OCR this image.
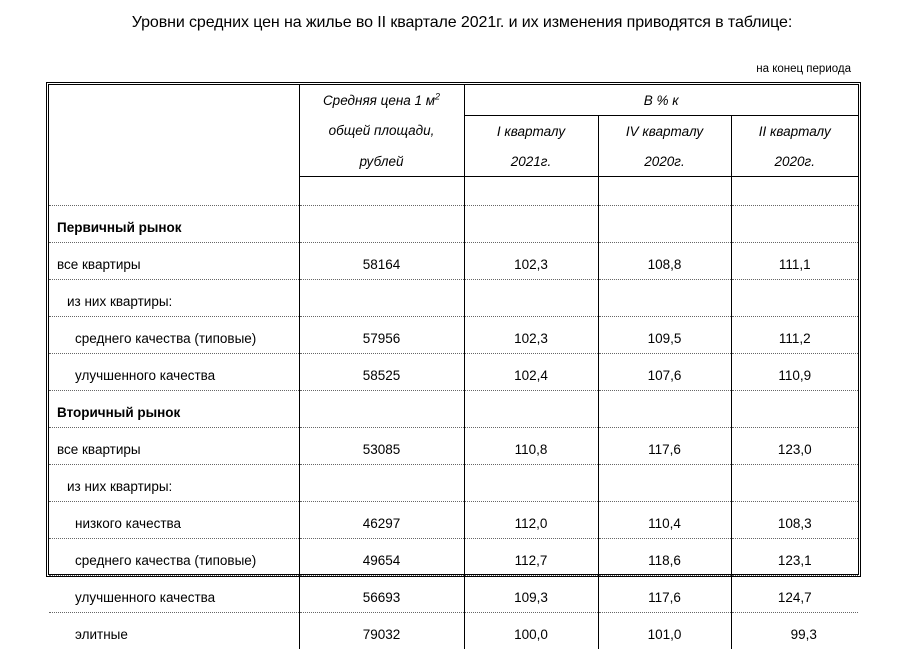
Уровни средних цен на жилье во II квартале 2021г. и их изменения приводятся в таблице:
на конец периода
	Средняя цена 1 $м^2$	В % к		
	общей площади,	I кварталу	IV кварталу	II кварталу
	рублей	2021г.	2020г.	2020г.

Первичный рынок				
все квартиры	58164	102,3	108,8	111,1
из них квартиры:				
среднего качества (типовые)	57956	102,3	109,5	111,2
улучшенного качества	58525	102,4	107,6	110,9
Вторичный рынок				
все квартиры	53085	110,8	117,6	123,0
из них квартиры:				
низкого качества	46297	112,0	110,4	108,3
среднего качества (типовые)	49654	112,7	118,6	123,1
улучшенного качества	56693	109,3	117,6	124,7
элитные	79032	100,0	101,0	99,3
